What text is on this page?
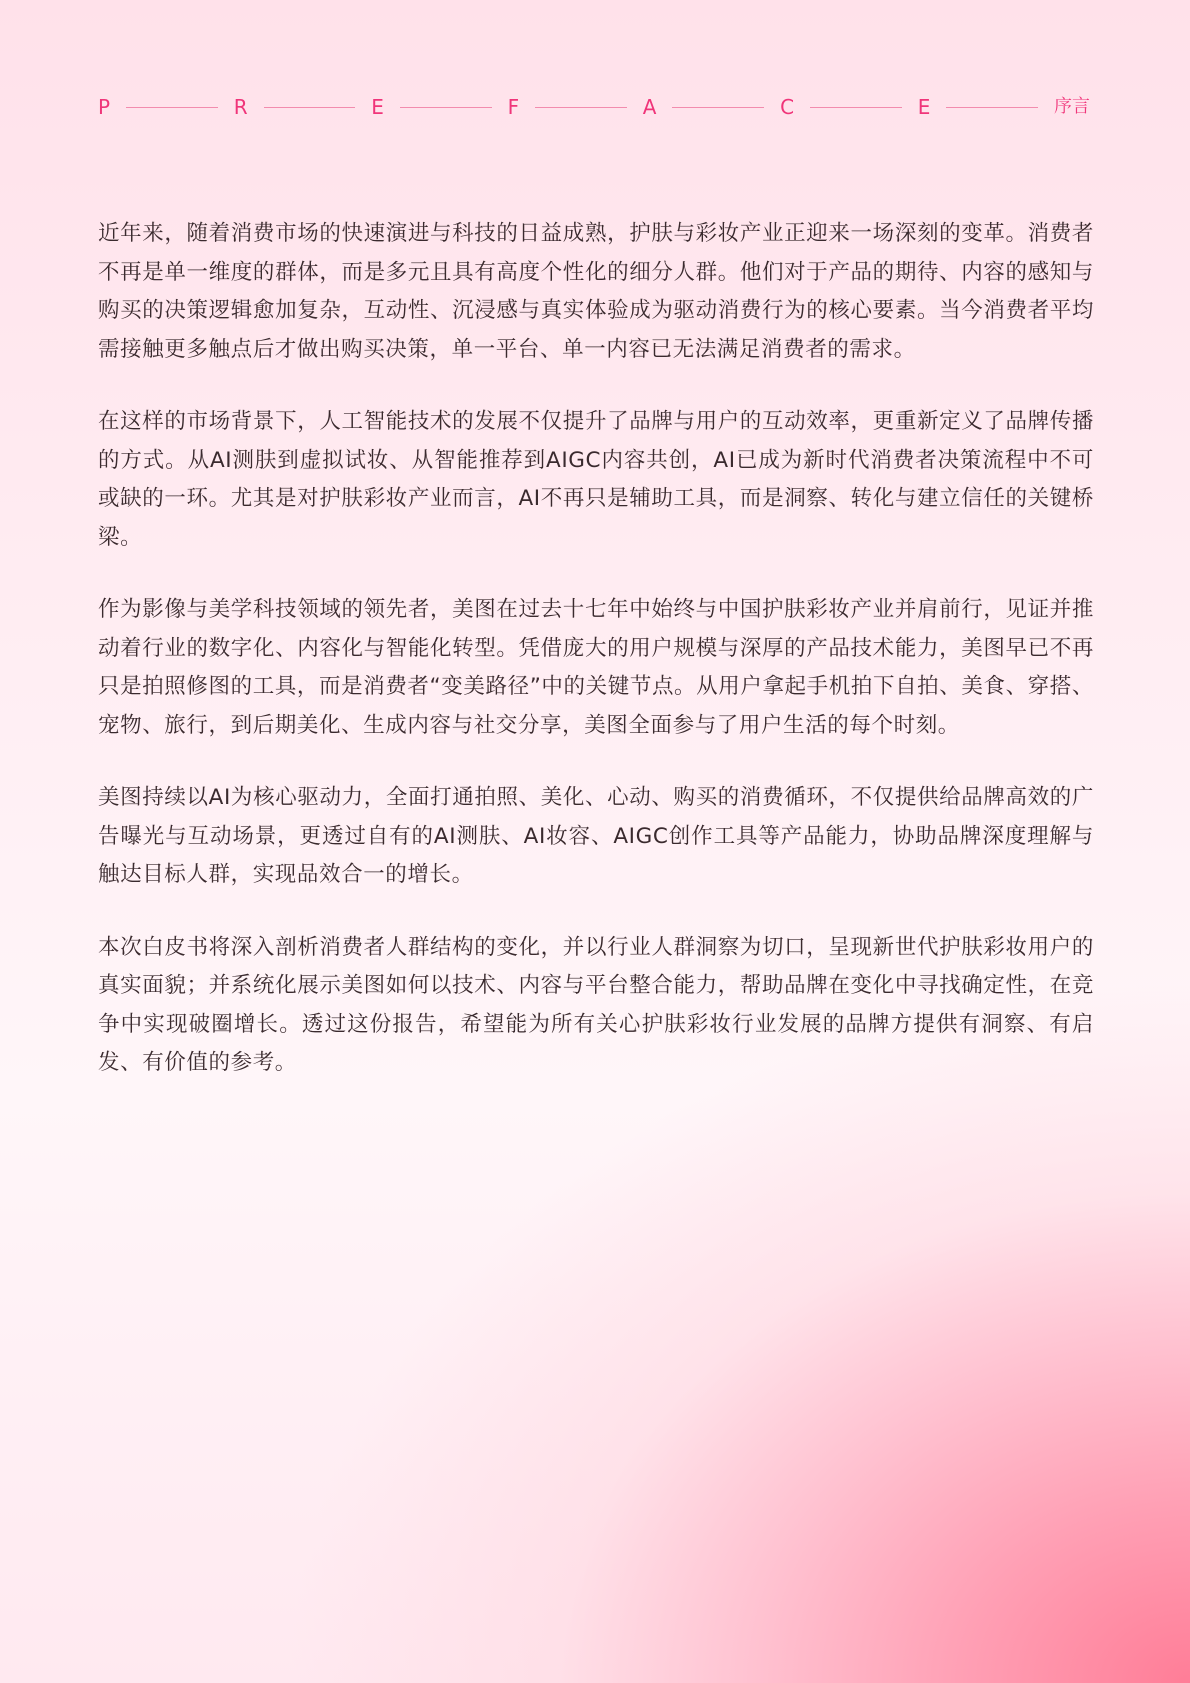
P	R	E	F	A	C	E	序言

近年来，随着消费市场的快速演进与科技的日益成熟，护肤与彩妆产业正迎来一场深刻的变革。消费者不再是单一维度的群体，而是多元且具有高度个性化的细分人群。他们对于产品的期待、内容的感知与购买的决策逻辑愈加复杂，互动性、沉浸感与真实体验成为驱动消费行为的核心要素。当今消费者平均需接触更多触点后才做出购买决策，单一平台、单一内容已无法满足消费者的需求。

在这样的市场背景下，人工智能技术的发展不仅提升了品牌与用户的互动效率，更重新定义了品牌传播的方式。从AI测肤到虚拟试妆、从智能推荐到AIGC内容共创，AI已成为新时代消费者决策流程中不可或缺的一环。尤其是对护肤彩妆产业而言，AI不再只是辅助工具，而是洞察、转化与建立信任的关键桥梁。

作为影像与美学科技领域的领先者，美图在过去十七年中始终与中国护肤彩妆产业并肩前行，见证并推动着行业的数字化、内容化与智能化转型。凭借庞大的用户规模与深厚的产品技术能力，美图早已不再只是拍照修图的工具，而是消费者“变美路径”中的关键节点。从用户拿起手机拍下自拍、美食、穿搭、宠物、旅行，到后期美化、生成内容与社交分享，美图全面参与了用户生活的每个时刻。

美图持续以AI为核心驱动力，全面打通拍照、美化、心动、购买的消费循环，不仅提供给品牌高效的广告曝光与互动场景，更透过自有的AI测肤、AI妆容、AIGC创作工具等产品能力，协助品牌深度理解与触达目标人群，实现品效合一的增长。

本次白皮书将深入剖析消费者人群结构的变化，并以行业人群洞察为切口，呈现新世代护肤彩妆用户的真实面貌；并系统化展示美图如何以技术、内容与平台整合能力，帮助品牌在变化中寻找确定性，在竞争中实现破圈增长。透过这份报告，希望能为所有关心护肤彩妆行业发展的品牌方提供有洞察、有启发、有价值的参考。
